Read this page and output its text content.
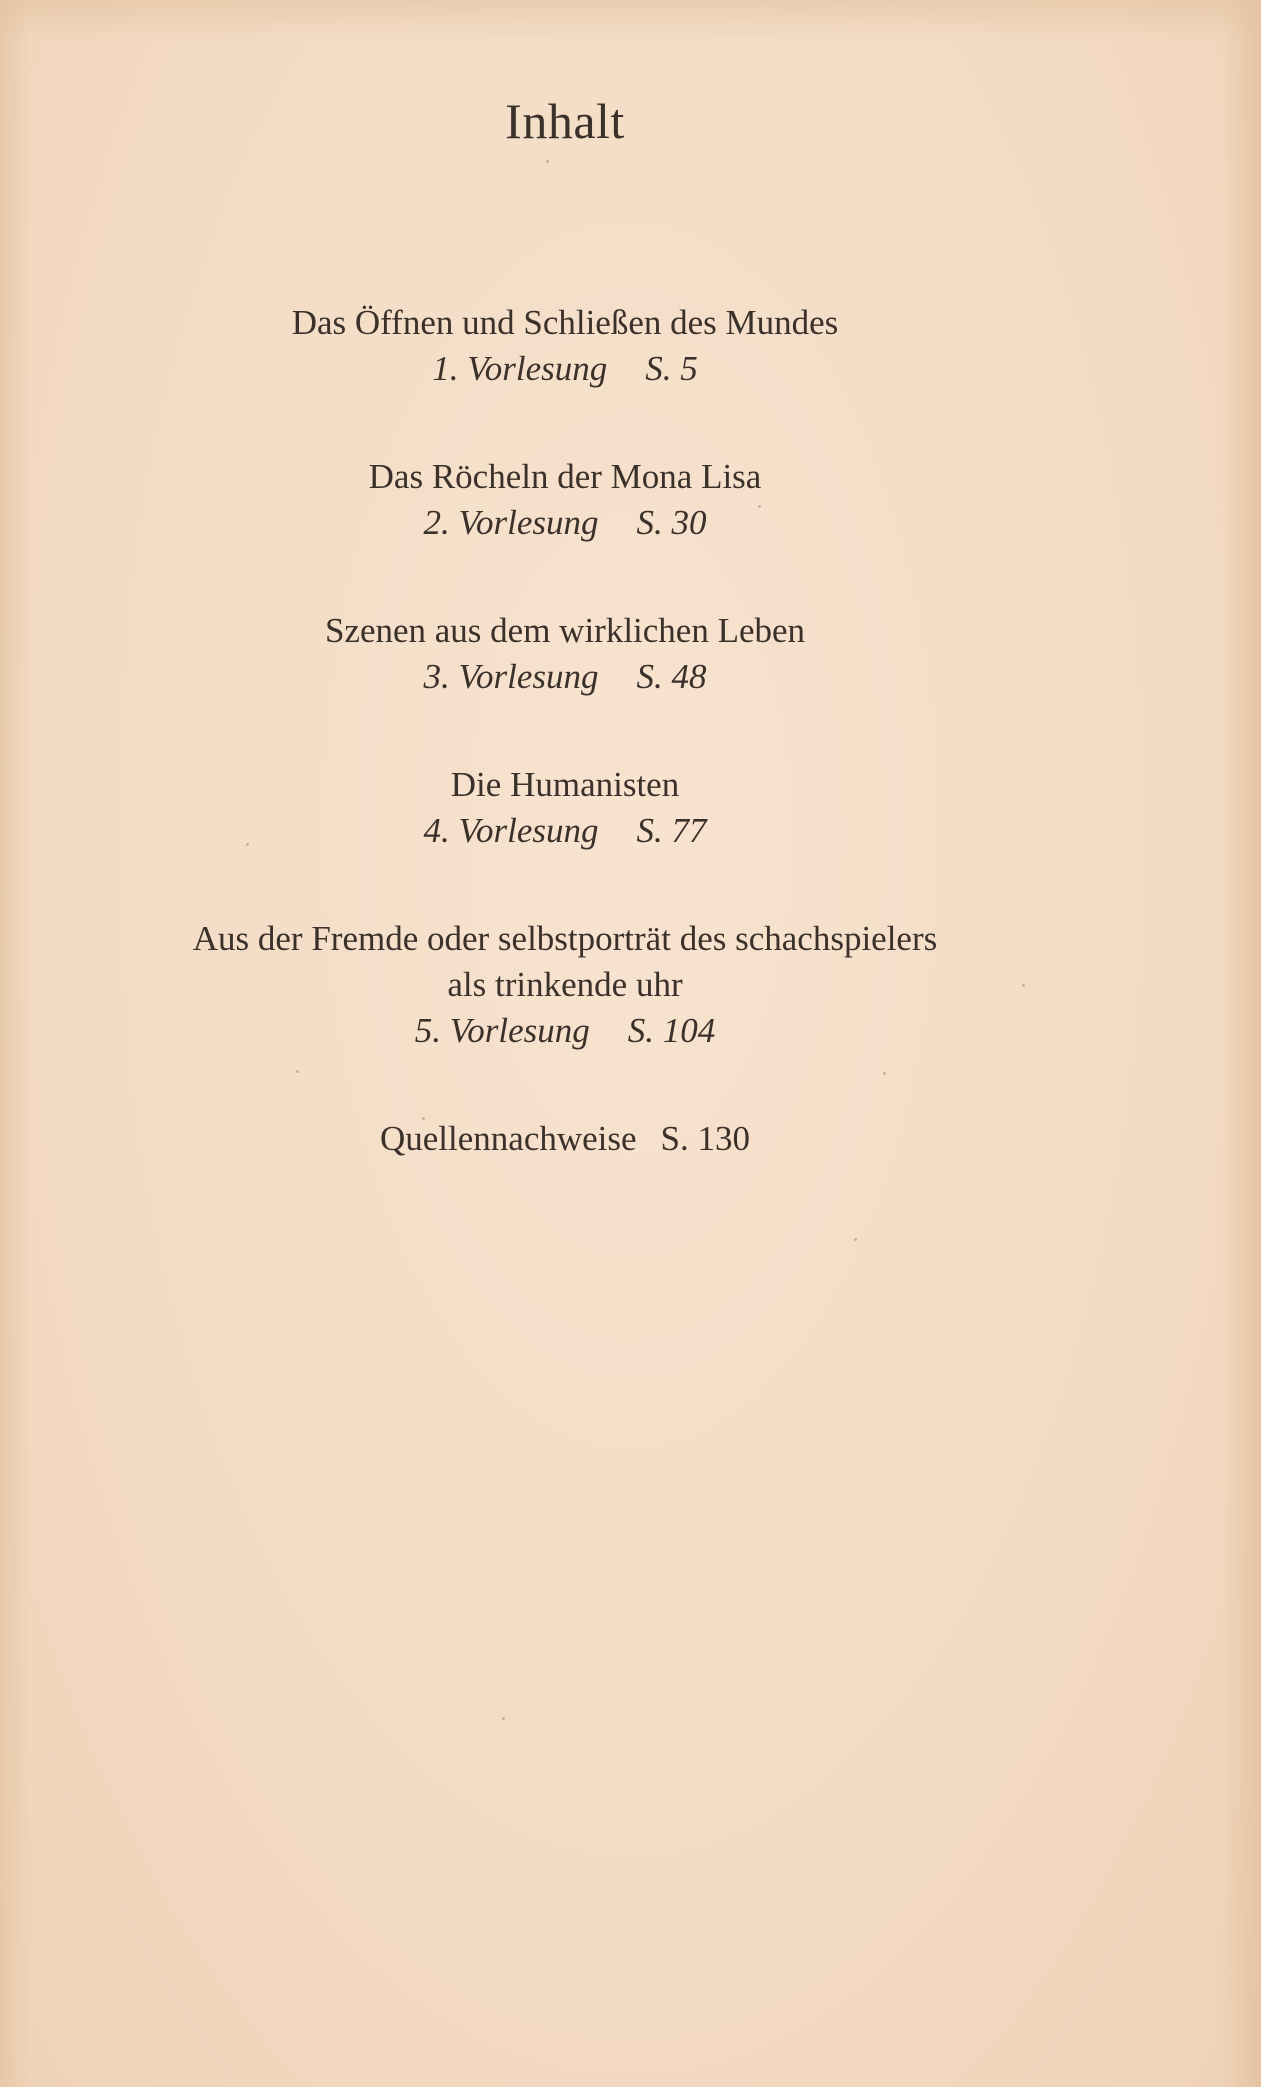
Inhalt
Das Öffnen und Schließen des Mundes
1. Vorlesung S. 5
Das Röcheln der Mona Lisa
2. Vorlesung S. 30
Szenen aus dem wirklichen Leben
3. Vorlesung S. 48
Die Humanisten
4. Vorlesung S. 77
Aus der Fremde oder selbstporträt des schachspielers
als trinkende uhr
5. Vorlesung S. 104
Quellennachweise S. 130
